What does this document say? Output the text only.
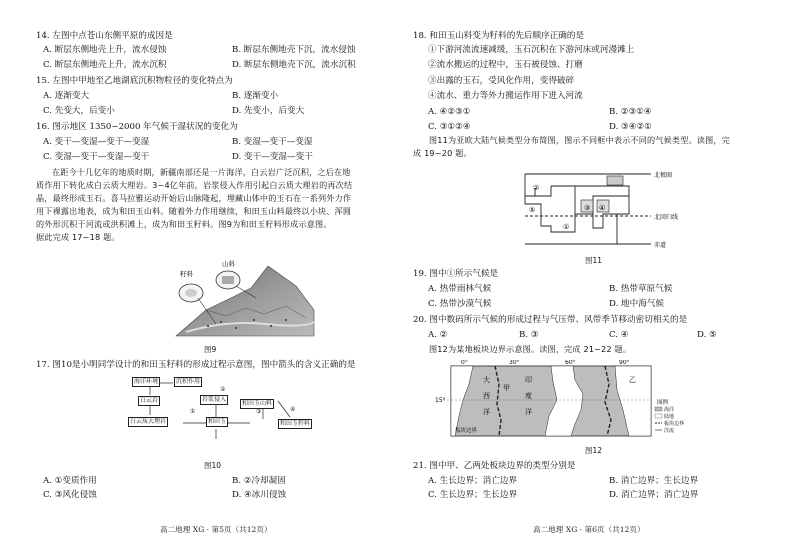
14. 左图中点苍山东侧平原的成因是
A. 断层东侧地壳上升，流水侵蚀	B. 断层东侧地壳下沉，流水侵蚀
C. 断层东侧地壳上升，流水沉积	D. 断层东侧地壳下沉，流水沉积
15. 左图中甲地至乙地湖底沉积物粒径的变化特点为
A. 逐渐变大	B. 逐渐变小
C. 先变大，后变小	D. 先变小，后变大
16. 图示地区 1350~2000 年气候干湿状况的变化为
A. 变干—变湿—变干—变湿	B. 变湿—变干—变湿
C. 变湿—变干—变湿—变干	D. 变干—变湿—变干
在距今十几亿年的地质时期，新疆南部还是一片海洋，白云岩广泛沉积，之后在地
质作用下转化成白云质大理岩。3~4亿年前，岩浆侵入作用引起白云质大理岩的再次结
晶，最终形成玉石。喜马拉雅运动开始后山脉隆起，埋藏山体中的玉石在一系列外力作
用下裸露出地表，成为和田玉山料。随着外力作用继续，和田玉山料最终以小块、浑圆
的外形沉积于河流或洪积滩上，成为和田玉籽料。图9为和田玉籽料形成示意图。
据此完成 17~18 题。
籽料
山料
图9
17. 图10是小明同学设计的和田玉籽料的形成过程示意图，图中箭头的含义正确的是
海洋环境	沉积作用
白云岩
白云质大理岩
岩浆侵入
和田玉
和田玉山料
和田玉籽料
①
②
③	④
图10
A. ①变质作用	B. ②冷却凝固
C. ③风化侵蚀	D. ④冰川侵蚀
高二地理 XG · 第5页（共12页）
18. 和田玉山料变为籽料的先后顺序正确的是
①下游河流流速减缓，玉石沉积在下游河床或河漫滩上
②流水搬运的过程中，玉石被侵蚀、打磨
③出露的玉石，受风化作用，变得破碎
④流水、重力等外力搬运作用下进入河流
A. ④②③①	B. ②③①④
C. ③①②④	D. ③④②①
图11为亚欧大陆气候类型分布简图，图示不同框中表示不同的气候类型。读图，完
成 19~20 题。
①
②
③ ④
⑤
北极圈
北回归线
赤道
图11
19. 图中①所示气候是
A. 热带雨林气候	B. 热带草原气候
C. 热带沙漠气候	D. 地中海气候
20. 图中数码所示气候的形成过程与气压带、风带季节移动密切相关的是
A. ②	B. ③	C. ④	D. ⑤
图12为某地板块边界示意图。读图，完成 21~22 题。
0°	30°	60°	90°
15°
大
西
洋
印
度
洋
甲
乙
板块边界
图例
海洋
陆地
板块边界
洋流
图12
21. 图中甲、乙两处板块边界的类型分别是
A. 生长边界；消亡边界	B. 消亡边界；生长边界
C. 生长边界；生长边界	D. 消亡边界；消亡边界
高二地理 XG · 第6页（共12页）
